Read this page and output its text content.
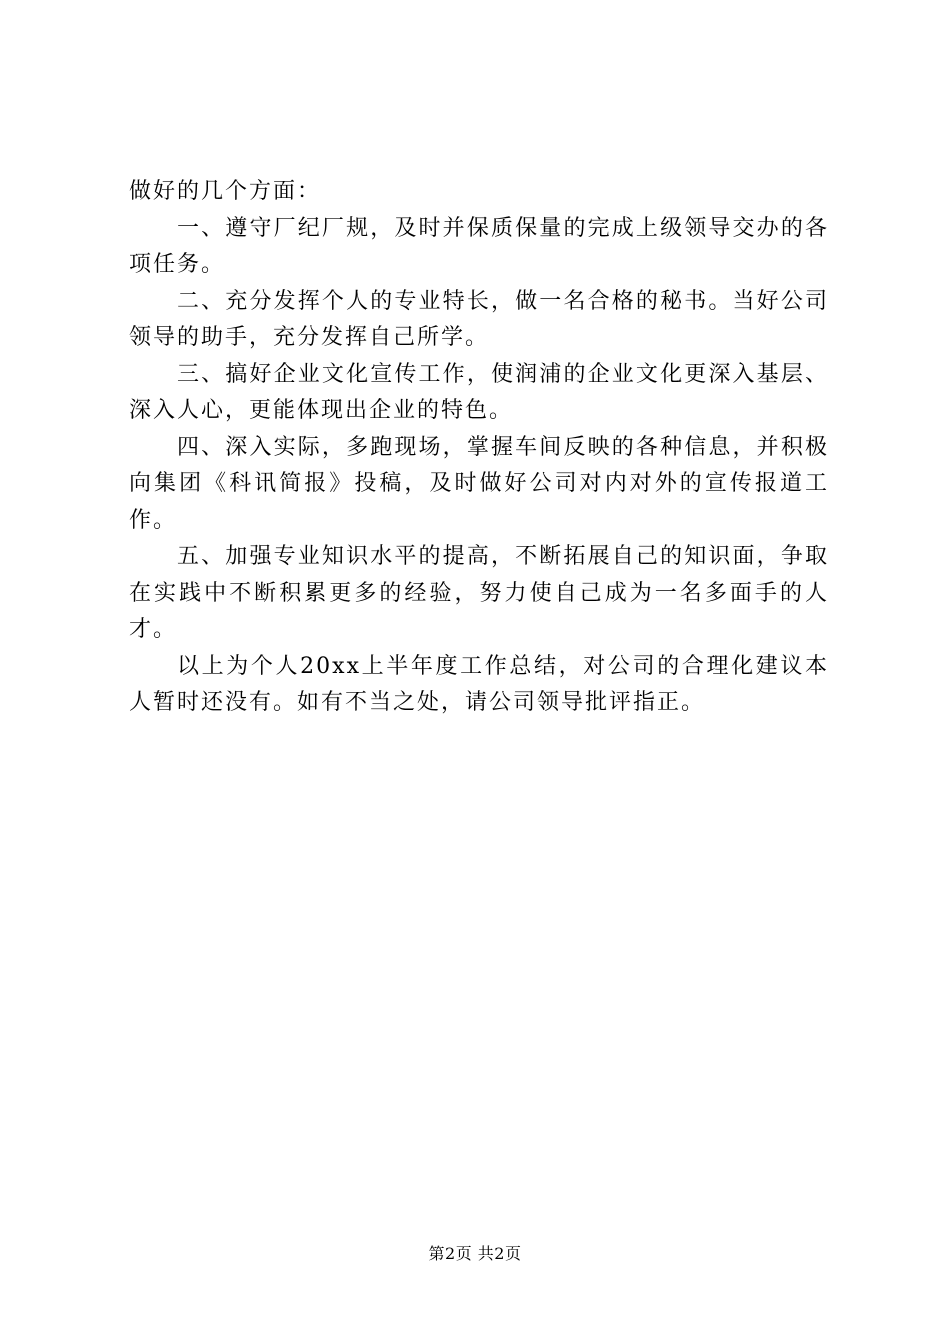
做好的几个方面：

一、遵守厂纪厂规，及时并保质保量的完成上级领导交办的各项任务。

二、充分发挥个人的专业特长，做一名合格的秘书。当好公司领导的助手，充分发挥自己所学。

三、搞好企业文化宣传工作，使润浦的企业文化更深入基层、深入人心，更能体现出企业的特色。

四、深入实际，多跑现场，掌握车间反映的各种信息，并积极向集团《科讯简报》投稿，及时做好公司对内对外的宣传报道工作。

五、加强专业知识水平的提高，不断拓展自己的知识面，争取在实践中不断积累更多的经验，努力使自己成为一名多面手的人才。

以上为个人20xx上半年度工作总结，对公司的合理化建议本人暂时还没有。如有不当之处，请公司领导批评指正。

第2页 共2页
